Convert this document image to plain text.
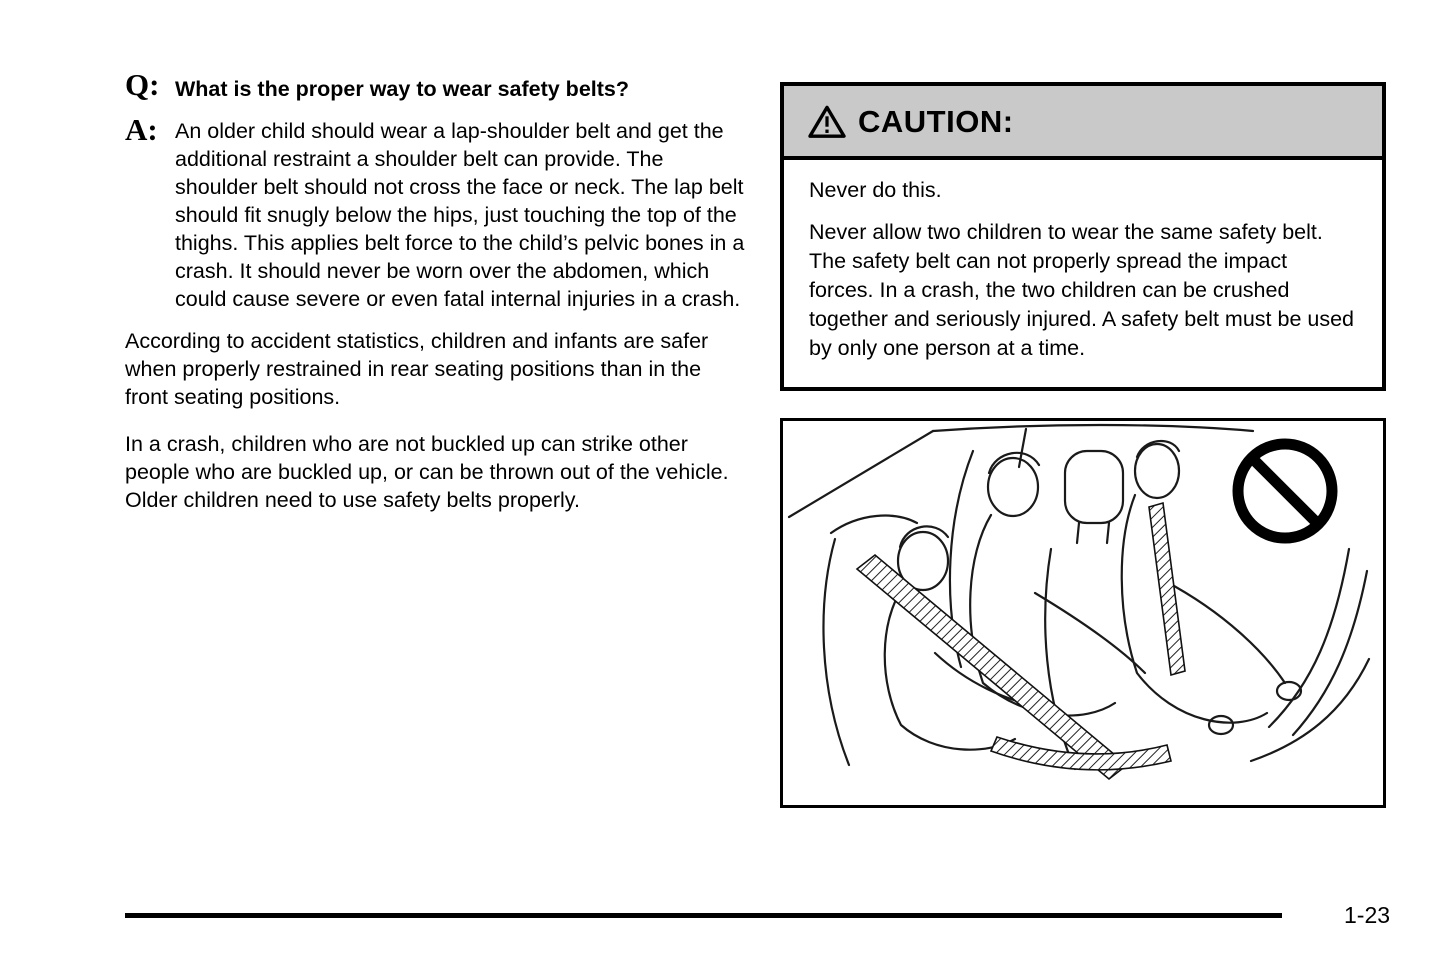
Q: What is the proper way to wear safety belts?
A: An older child should wear a lap-shoulder belt and get the additional restraint a shoulder belt can provide. The shoulder belt should not cross the face or neck. The lap belt should fit snugly below the hips, just touching the top of the thighs. This applies belt force to the child’s pelvic bones in a crash. It should never be worn over the abdomen, which could cause severe or even fatal internal injuries in a crash.

According to accident statistics, children and infants are safer when properly restrained in rear seating positions than in the front seating positions.

In a crash, children who are not buckled up can strike other people who are buckled up, or can be thrown out of the vehicle. Older children need to use safety belts properly.

CAUTION:

Never do this.

Never allow two children to wear the same safety belt. The safety belt can not properly spread the impact forces. In a crash, the two children can be crushed together and seriously injured. A safety belt must be used by only one person at a time.

1-23
